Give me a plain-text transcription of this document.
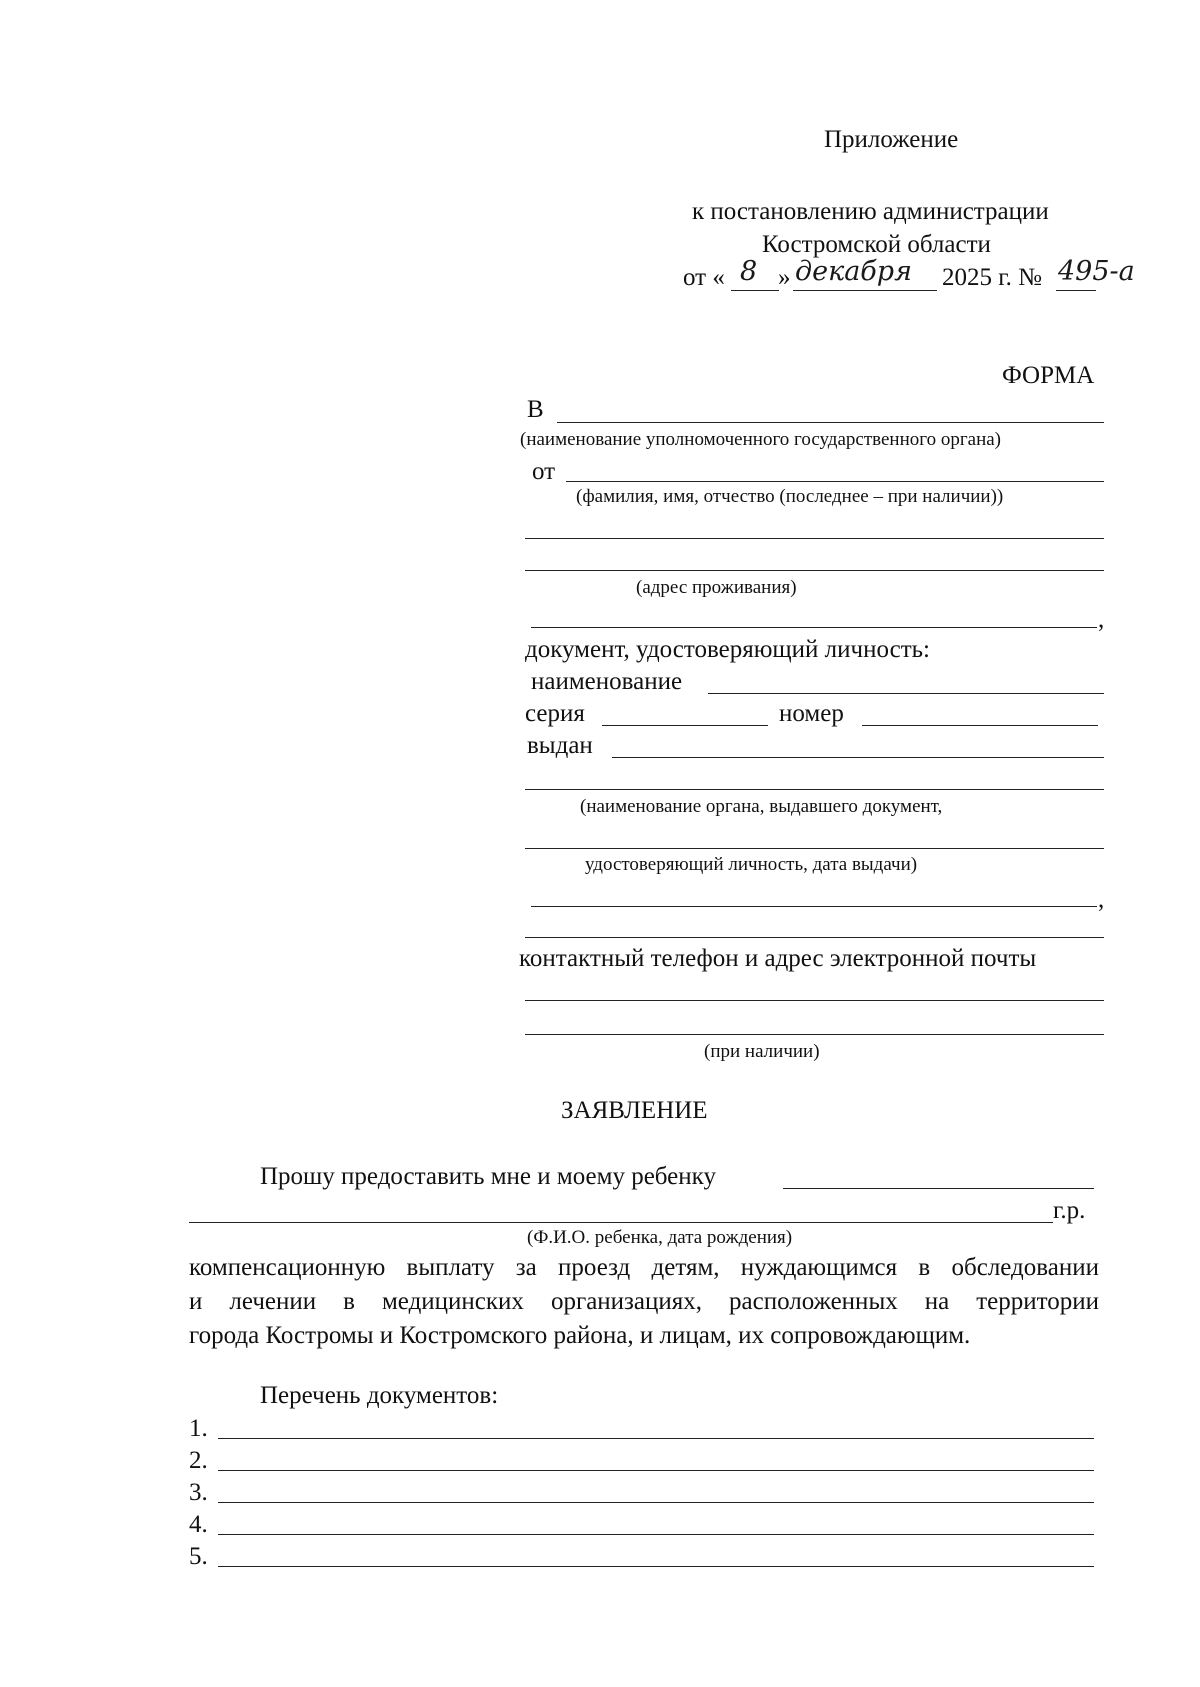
Приложение
к постановлению администрации
Костромской области
от « 8 » декабря 2025 г. № 495-а
ФОРМА
В
(наименование уполномоченного государственного органа)
от
(фамилия, имя, отчество (последнее – при наличии))
(адрес проживания)
,
документ, удостоверяющий личность:
наименование
серия	номер
выдан
(наименование органа, выдавшего документ,
удостоверяющий личность, дата выдачи)
,
контактный телефон и адрес электронной почты
(при наличии)
ЗАЯВЛЕНИЕ
Прошу предоставить мне и моему ребенку
г.р.
(Ф.И.О. ребенка, дата рождения)
компенсационную выплату за проезд детям, нуждающимся в обследовании
и лечении в медицинских организациях, расположенных на территории
города Костромы и Костромского района, и лицам, их сопровождающим.
Перечень документов:
1.
2.
3.
4.
5.
